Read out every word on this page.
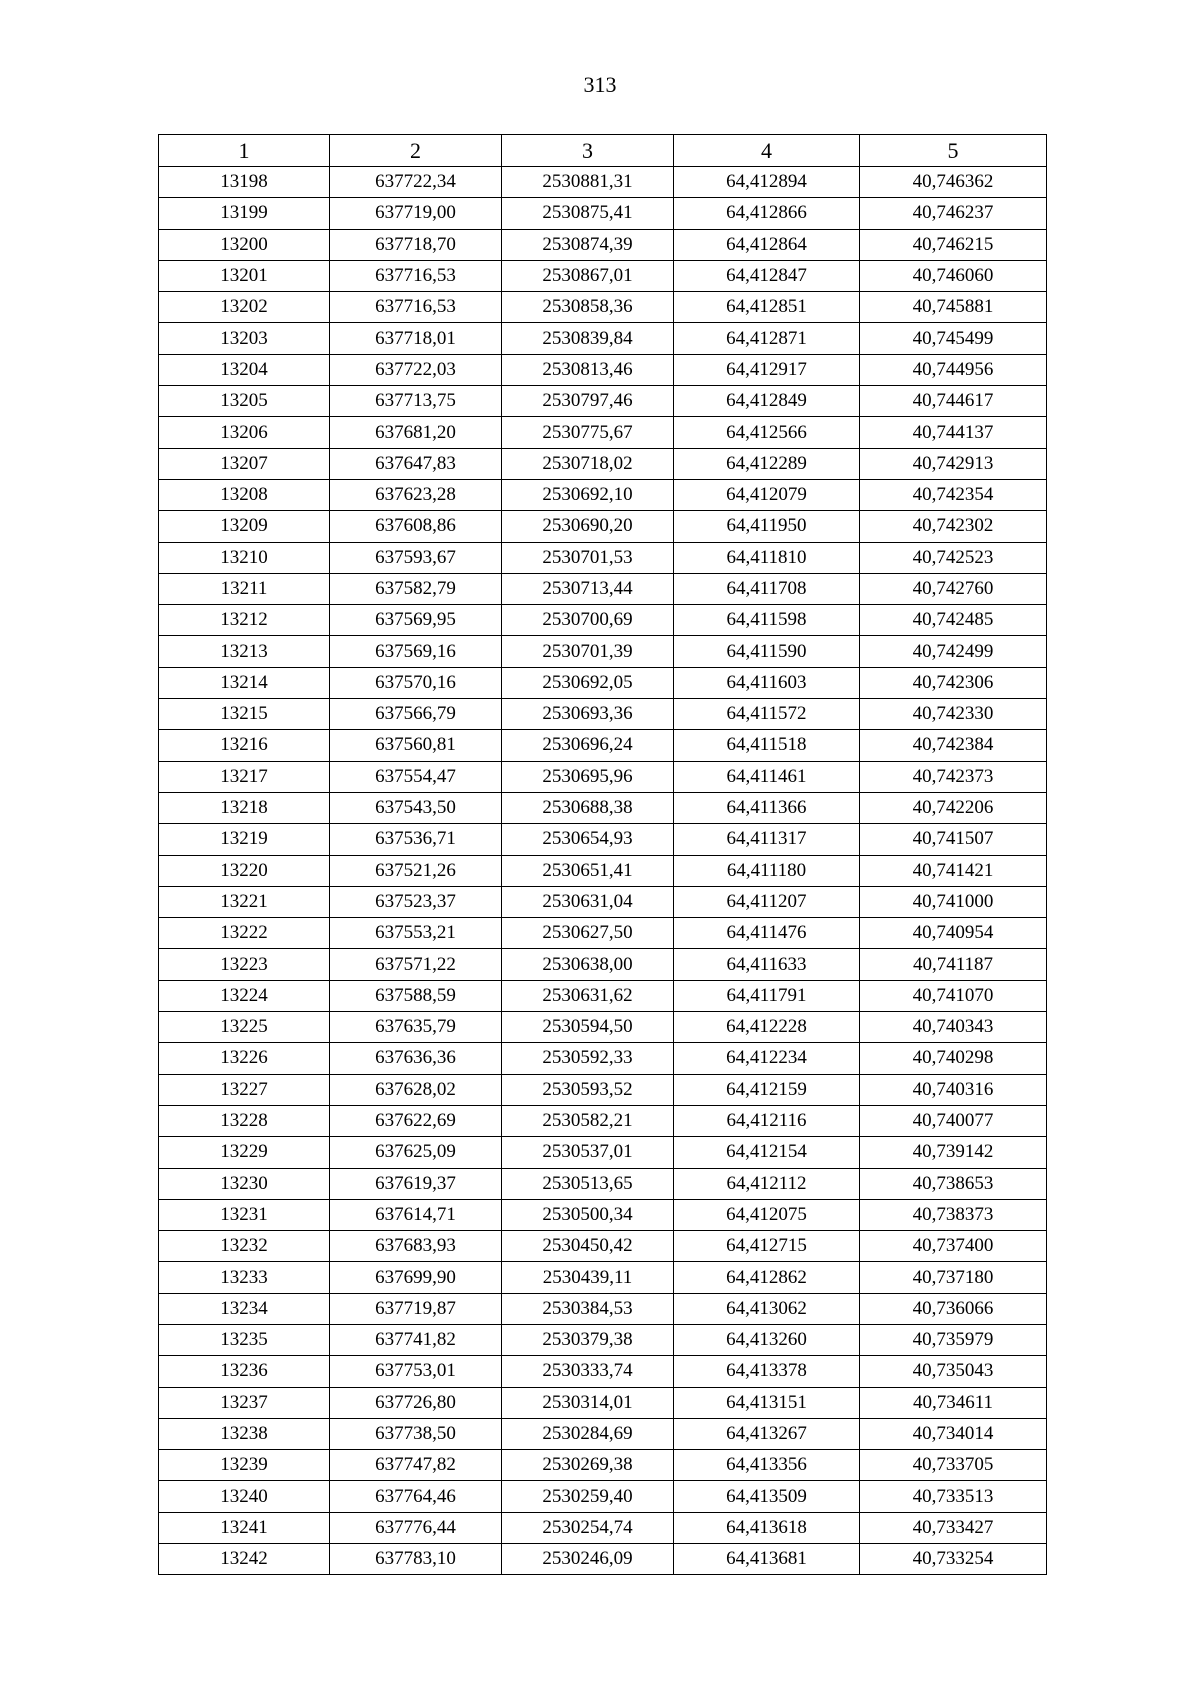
313
1	2	3	4	5
13198	637722,34	2530881,31	64,412894	40,746362
13199	637719,00	2530875,41	64,412866	40,746237
13200	637718,70	2530874,39	64,412864	40,746215
13201	637716,53	2530867,01	64,412847	40,746060
13202	637716,53	2530858,36	64,412851	40,745881
13203	637718,01	2530839,84	64,412871	40,745499
13204	637722,03	2530813,46	64,412917	40,744956
13205	637713,75	2530797,46	64,412849	40,744617
13206	637681,20	2530775,67	64,412566	40,744137
13207	637647,83	2530718,02	64,412289	40,742913
13208	637623,28	2530692,10	64,412079	40,742354
13209	637608,86	2530690,20	64,411950	40,742302
13210	637593,67	2530701,53	64,411810	40,742523
13211	637582,79	2530713,44	64,411708	40,742760
13212	637569,95	2530700,69	64,411598	40,742485
13213	637569,16	2530701,39	64,411590	40,742499
13214	637570,16	2530692,05	64,411603	40,742306
13215	637566,79	2530693,36	64,411572	40,742330
13216	637560,81	2530696,24	64,411518	40,742384
13217	637554,47	2530695,96	64,411461	40,742373
13218	637543,50	2530688,38	64,411366	40,742206
13219	637536,71	2530654,93	64,411317	40,741507
13220	637521,26	2530651,41	64,411180	40,741421
13221	637523,37	2530631,04	64,411207	40,741000
13222	637553,21	2530627,50	64,411476	40,740954
13223	637571,22	2530638,00	64,411633	40,741187
13224	637588,59	2530631,62	64,411791	40,741070
13225	637635,79	2530594,50	64,412228	40,740343
13226	637636,36	2530592,33	64,412234	40,740298
13227	637628,02	2530593,52	64,412159	40,740316
13228	637622,69	2530582,21	64,412116	40,740077
13229	637625,09	2530537,01	64,412154	40,739142
13230	637619,37	2530513,65	64,412112	40,738653
13231	637614,71	2530500,34	64,412075	40,738373
13232	637683,93	2530450,42	64,412715	40,737400
13233	637699,90	2530439,11	64,412862	40,737180
13234	637719,87	2530384,53	64,413062	40,736066
13235	637741,82	2530379,38	64,413260	40,735979
13236	637753,01	2530333,74	64,413378	40,735043
13237	637726,80	2530314,01	64,413151	40,734611
13238	637738,50	2530284,69	64,413267	40,734014
13239	637747,82	2530269,38	64,413356	40,733705
13240	637764,46	2530259,40	64,413509	40,733513
13241	637776,44	2530254,74	64,413618	40,733427
13242	637783,10	2530246,09	64,413681	40,733254
